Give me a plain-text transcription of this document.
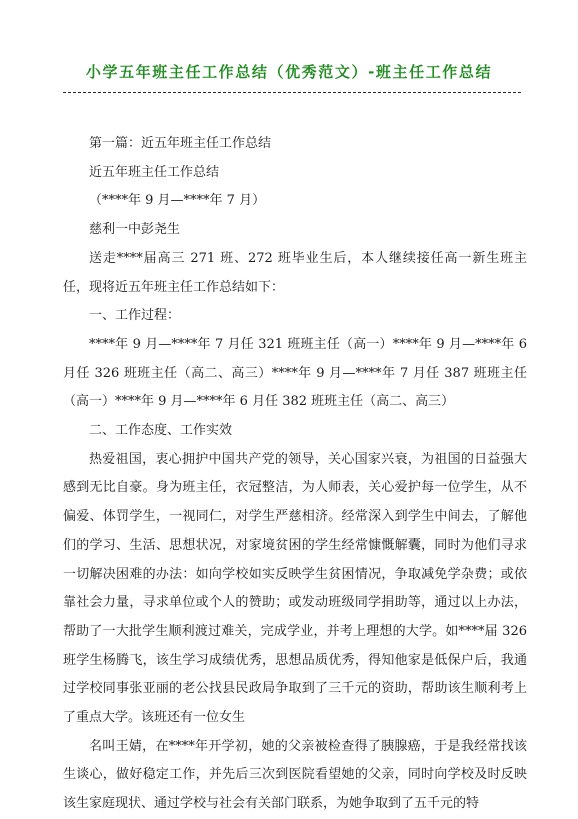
小学五年班主任工作总结（优秀范文）-班主任工作总结

第一篇：近五年班主任工作总结

近五年班主任工作总结

（****年 9 月—****年 7 月）

慈利一中彭尧生

送走****届高三 271 班、272 班毕业生后，本人继续接任高一新生班主任，现将近五年班主任工作总结如下：

一、工作过程：

****年 9 月—****年 7 月任 321 班班主任（高一）****年 9 月—****年 6 月任 326 班班主任（高二、高三）****年 9 月—****年 7 月任 387 班班主任（高一）****年 9 月—****年 6 月任 382 班班主任（高二、高三）

二、工作态度、工作实效

热爱祖国，衷心拥护中国共产党的领导，关心国家兴衰，为祖国的日益强大感到无比自豪。身为班主任，衣冠整洁，为人师表，关心爱护每一位学生，从不偏爱、体罚学生，一视同仁，对学生严慈相济。经常深入到学生中间去，了解他们的学习、生活、思想状况，对家境贫困的学生经常慷慨解囊，同时为他们寻求一切解决困难的办法：如向学校如实反映学生贫困情况，争取减免学杂费；或依靠社会力量，寻求单位或个人的赞助；或发动班级同学捐助等，通过以上办法，帮助了一大批学生顺利渡过难关，完成学业，并考上理想的大学。如****届 326 班学生杨腾飞，该生学习成绩优秀，思想品质优秀，得知他家是低保户后，我通过学校同事张亚丽的老公找县民政局争取到了三千元的资助，帮助该生顺利考上了重点大学。该班还有一位女生

名叫王婧，在****年开学初，她的父亲被检查得了胰腺癌，于是我经常找该生谈心，做好稳定工作，并先后三次到医院看望她的父亲，同时向学校及时反映该生家庭现状、通过学校与社会有关部门联系，为她争取到了五千元的特
